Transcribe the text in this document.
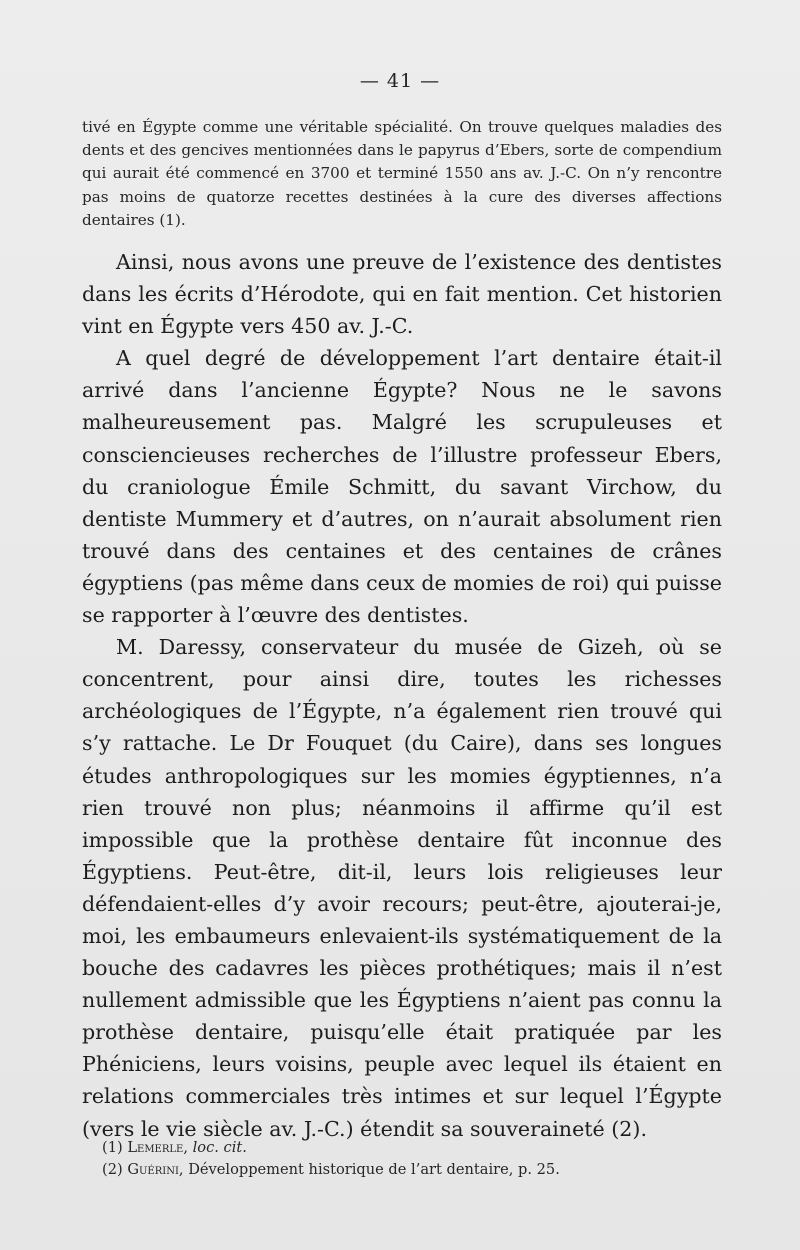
— 41 —

tivé en Égypte comme une véritable spécialité. On trouve quelques maladies des dents et des gencives mentionnées dans le papyrus d’Ebers, sorte de compendium qui aurait été commencé en 3700 et terminé 1550 ans av. J.-C. On n’y rencontre pas moins de quatorze recettes destinées à la cure des diverses affections dentaires (1).

Ainsi, nous avons une preuve de l’existence des dentistes dans les écrits d’Hérodote, qui en fait mention. Cet historien vint en Égypte vers 450 av. J.-C.

A quel degré de développement l’art dentaire était-il arrivé dans l’ancienne Égypte? Nous ne le savons malheureusement pas. Malgré les scrupuleuses et consciencieuses recherches de l’illustre professeur Ebers, du craniologue Émile Schmitt, du savant Virchow, du dentiste Mummery et d’autres, on n’aurait absolument rien trouvé dans des centaines et des centaines de crânes égyptiens (pas même dans ceux de momies de roi) qui puisse se rapporter à l’œuvre des dentistes.

M. Daressy, conservateur du musée de Gizeh, où se concentrent, pour ainsi dire, toutes les richesses archéologiques de l’Égypte, n’a également rien trouvé qui s’y rattache. Le Dr Fouquet (du Caire), dans ses longues études anthropologiques sur les momies égyptiennes, n’a rien trouvé non plus; néanmoins il affirme qu’il est impossible que la prothèse dentaire fût inconnue des Égyptiens. Peut-être, dit-il, leurs lois religieuses leur défendaient-elles d’y avoir recours; peut-être, ajouterai-je, moi, les embaumeurs enlevaient-ils systématiquement de la bouche des cadavres les pièces prothétiques; mais il n’est nullement admissible que les Égyptiens n’aient pas connu la prothèse dentaire, puisqu’elle était pratiquée par les Phéniciens, leurs voisins, peuple avec lequel ils étaient en relations commerciales très intimes et sur lequel l’Égypte (vers le vie siècle av. J.-C.) étendit sa souveraineté (2).

(1) Lemerle, loc. cit.
(2) Guérini, Développement historique de l’art dentaire, p. 25.
